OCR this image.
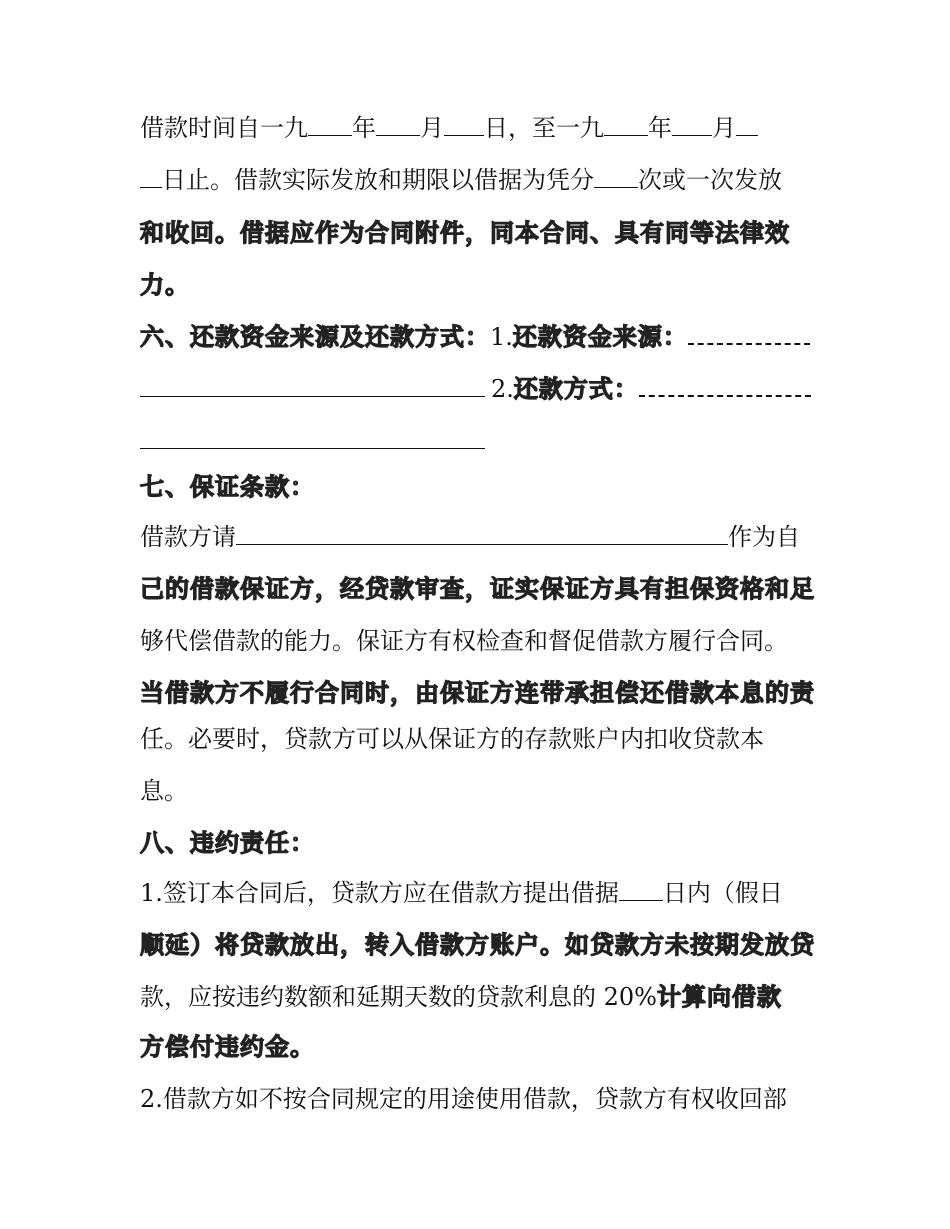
借款时间自一九 年 月 日，至一九 年 月
日止。借款实际发放和期限以借据为凭分 次或一次发放
和收回。借据应作为合同附件，同本合同、具有同等法律效
力。
六、还款资金来源及还款方式：1.还款资金来源：
2.还款方式：
七、保证条款：
借款方请	作为自
己的借款保证方，经贷款审查，证实保证方具有担保资格和足
够代偿借款的能力。保证方有权检查和督促借款方履行合同。
当借款方不履行合同时，由保证方连带承担偿还借款本息的责
任。必要时，贷款方可以从保证方的存款账户内扣收贷款本
息。
八、违约责任：
1.签订本合同后，贷款方应在借款方提出借据 日内（假日
顺延）将贷款放出，转入借款方账户。如贷款方未按期发放贷
款，应按违约数额和延期天数的贷款利息的 20%计算向借款
方偿付违约金。
2.借款方如不按合同规定的用途使用借款，贷款方有权收回部
